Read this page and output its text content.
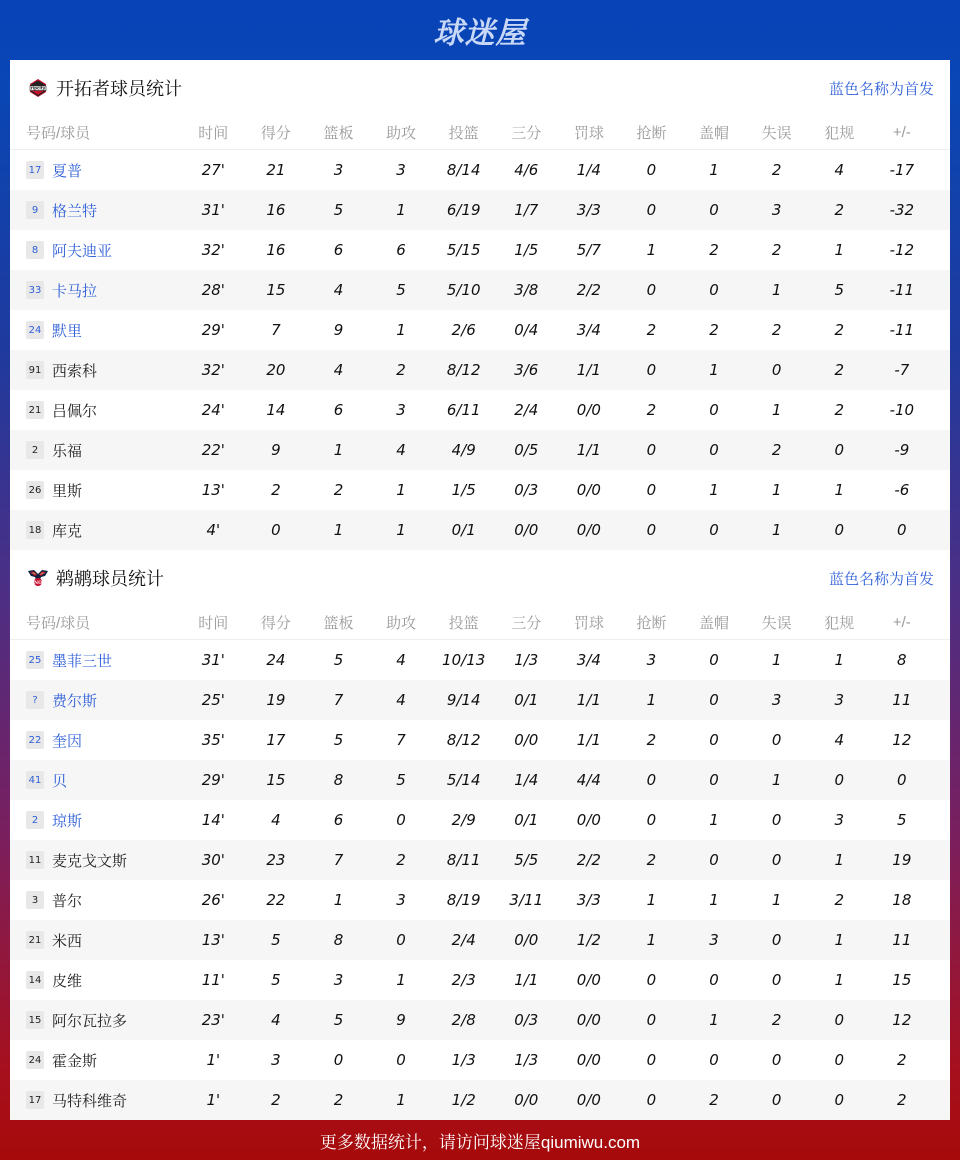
球迷屋
ripcity 开拓者球员统计	蓝色名称为首发
号码/球员	时间	得分	篮板	助攻	投篮	三分	罚球	抢断	盖帽	失误	犯规	+/-
17 夏普	27'	21	3	3	8/14	4/6	1/4	0	1	2	4	-17
9 格兰特	31'	16	5	1	6/19	1/7	3/3	0	0	3	2	-32
8 阿夫迪亚	32'	16	6	6	5/15	1/5	5/7	1	2	2	1	-12
33 卡马拉	28'	15	4	5	5/10	3/8	2/2	0	0	1	5	-11
24 默里	29'	7	9	1	2/6	0/4	3/4	2	2	2	2	-11
91 西索科	32'	20	4	2	8/12	3/6	1/1	0	1	0	2	-7
21 吕佩尔	24'	14	6	3	6/11	2/4	0/0	2	0	1	2	-10
2 乐福	22'	9	1	4	4/9	0/5	1/1	0	0	2	0	-9
26 里斯	13'	2	2	1	1/5	0/3	0/0	0	1	1	1	-6
18 库克	4'	0	1	1	0/1	0/0	0/0	0	0	1	0	0
NO 鹈鹕球员统计	蓝色名称为首发
号码/球员	时间	得分	篮板	助攻	投篮	三分	罚球	抢断	盖帽	失误	犯规	+/-
25 墨菲三世	31'	24	5	4	10/13	1/3	3/4	3	0	1	1	8
? 费尔斯	25'	19	7	4	9/14	0/1	1/1	1	0	3	3	11
22 奎因	35'	17	5	7	8/12	0/0	1/1	2	0	0	4	12
41 贝	29'	15	8	5	5/14	1/4	4/4	0	0	1	0	0
2 琼斯	14'	4	6	0	2/9	0/1	0/0	0	1	0	3	5
11 麦克戈文斯	30'	23	7	2	8/11	5/5	2/2	2	0	0	1	19
3 普尔	26'	22	1	3	8/19	3/11	3/3	1	1	1	2	18
21 米西	13'	5	8	0	2/4	0/0	1/2	1	3	0	1	11
14 皮维	11'	5	3	1	2/3	1/1	0/0	0	0	0	1	15
15 阿尔瓦拉多	23'	4	5	9	2/8	0/3	0/0	0	1	2	0	12
24 霍金斯	1'	3	0	0	1/3	1/3	0/0	0	0	0	0	2
17 马特科维奇	1'	2	2	1	1/2	0/0	0/0	0	2	0	0	2
更多数据统计，请访问球迷屋qiumiwu.com
